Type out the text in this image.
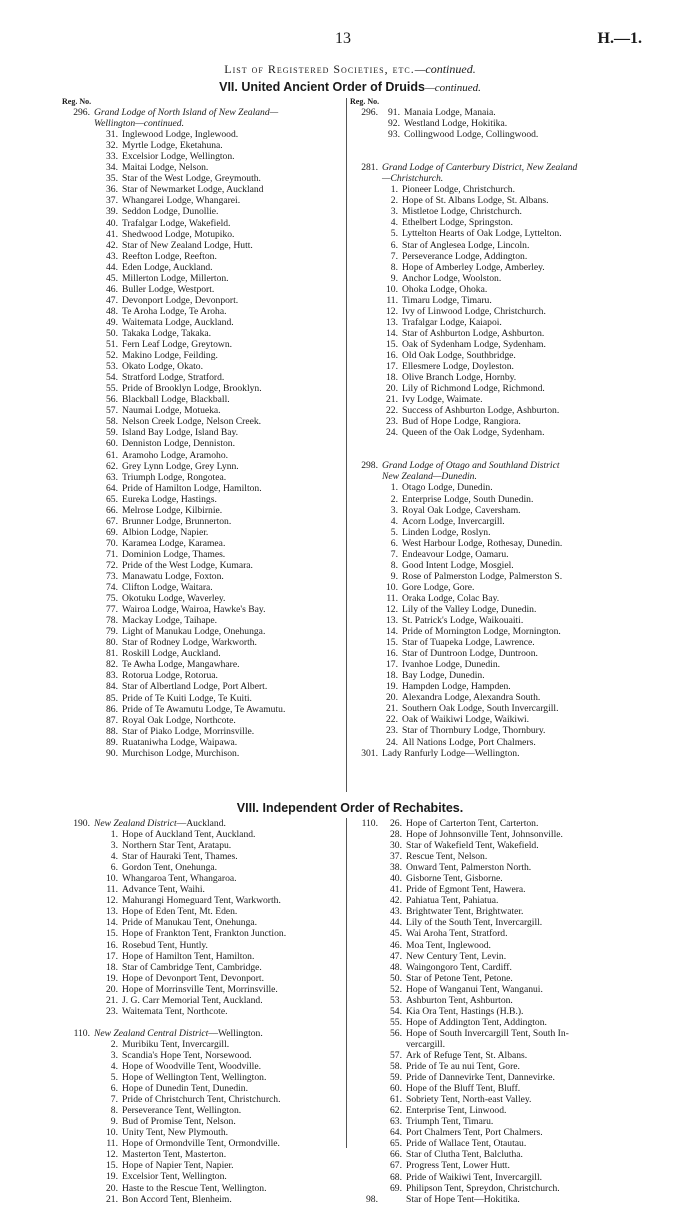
13	H.—1.
List of Registered Societies, etc.—continued.
VII. United Ancient Order of Druids—continued.
Reg. No.
296. Grand Lodge of North Island of New Zealand—
Wellington—continued.
31. Inglewood Lodge, Inglewood.
32. Myrtle Lodge, Eketahuna.
33. Excelsior Lodge, Wellington.
34. Maitai Lodge, Nelson.
35. Star of the West Lodge, Greymouth.
36. Star of Newmarket Lodge, Auckland
37. Whangarei Lodge, Whangarei.
39. Seddon Lodge, Dunollie.
40. Trafalgar Lodge, Wakefield.
41. Shedwood Lodge, Motupiko.
42. Star of New Zealand Lodge, Hutt.
43. Reefton Lodge, Reefton.
44. Eden Lodge, Auckland.
45. Millerton Lodge, Millerton.
46. Buller Lodge, Westport.
47. Devonport Lodge, Devonport.
48. Te Aroha Lodge, Te Aroha.
49. Waitemata Lodge, Auckland.
50. Takaka Lodge, Takaka.
51. Fern Leaf Lodge, Greytown.
52. Makino Lodge, Feilding.
53. Okato Lodge, Okato.
54. Stratford Lodge, Stratford.
55. Pride of Brooklyn Lodge, Brooklyn.
56. Blackball Lodge, Blackball.
57. Naumai Lodge, Motueka.
58. Nelson Creek Lodge, Nelson Creek.
59. Island Bay Lodge, Island Bay.
60. Denniston Lodge, Denniston.
61. Aramoho Lodge, Aramoho.
62. Grey Lynn Lodge, Grey Lynn.
63. Triumph Lodge, Rongotea.
64. Pride of Hamilton Lodge, Hamilton.
65. Eureka Lodge, Hastings.
66. Melrose Lodge, Kilbirnie.
67. Brunner Lodge, Brunnerton.
69. Albion Lodge, Napier.
70. Karamea Lodge, Karamea.
71. Dominion Lodge, Thames.
72. Pride of the West Lodge, Kumara.
73. Manawatu Lodge, Foxton.
74. Clifton Lodge, Waitara.
75. Okotuku Lodge, Waverley.
77. Wairoa Lodge, Wairoa, Hawke's Bay.
78. Mackay Lodge, Taihape.
79. Light of Manukau Lodge, Onehunga.
80. Star of Rodney Lodge, Warkworth.
81. Roskill Lodge, Auckland.
82. Te Awha Lodge, Mangawhare.
83. Rotorua Lodge, Rotorua.
84. Star of Albertland Lodge, Port Albert.
85. Pride of Te Kuiti Lodge, Te Kuiti.
86. Pride of Te Awamutu Lodge, Te Awamutu.
87. Royal Oak Lodge, Northcote.
88. Star of Piako Lodge, Morrinsville.
89. Ruataniwha Lodge, Waipawa.
90. Murchison Lodge, Murchison.
Reg. No.
296.	91. Manaia Lodge, Manaia.
92. Westland Lodge, Hokitika.
93. Collingwood Lodge, Collingwood.
281. Grand Lodge of Canterbury District, New Zealand
—Christchurch.
1. Pioneer Lodge, Christchurch.
2. Hope of St. Albans Lodge, St. Albans.
3. Mistletoe Lodge, Christchurch.
4. Ethelbert Lodge, Springston.
5. Lyttelton Hearts of Oak Lodge, Lyttelton.
6. Star of Anglesea Lodge, Lincoln.
7. Perseverance Lodge, Addington.
8. Hope of Amberley Lodge, Amberley.
9. Anchor Lodge, Woolston.
10. Ohoka Lodge, Ohoka.
11. Timaru Lodge, Timaru.
12. Ivy of Linwood Lodge, Christchurch.
13. Trafalgar Lodge, Kaiapoi.
14. Star of Ashburton Lodge, Ashburton.
15. Oak of Sydenham Lodge, Sydenham.
16. Old Oak Lodge, Southbridge.
17. Ellesmere Lodge, Doyleston.
18. Olive Branch Lodge, Hornby.
20. Lily of Richmond Lodge, Richmond.
21. Ivy Lodge, Waimate.
22. Success of Ashburton Lodge, Ashburton.
23. Bud of Hope Lodge, Rangiora.
24. Queen of the Oak Lodge, Sydenham.
298. Grand Lodge of Otago and Southland District
New Zealand—Dunedin.
1. Otago Lodge, Dunedin.
2. Enterprise Lodge, South Dunedin.
3. Royal Oak Lodge, Caversham.
4. Acorn Lodge, Invercargill.
5. Linden Lodge, Roslyn.
6. West Harbour Lodge, Rothesay, Dunedin.
7. Endeavour Lodge, Oamaru.
8. Good Intent Lodge, Mosgiel.
9. Rose of Palmerston Lodge, Palmerston S.
10. Gore Lodge, Gore.
11. Oraka Lodge, Colac Bay.
12. Lily of the Valley Lodge, Dunedin.
13. St. Patrick's Lodge, Waikouaiti.
14. Pride of Mornington Lodge, Mornington.
15. Star of Tuapeka Lodge, Lawrence.
16. Star of Duntroon Lodge, Duntroon.
17. Ivanhoe Lodge, Dunedin.
18. Bay Lodge, Dunedin.
19. Hampden Lodge, Hampden.
20. Alexandra Lodge, Alexandra South.
21. Southern Oak Lodge, South Invercargill.
22. Oak of Waikiwi Lodge, Waikiwi.
23. Star of Thornbury Lodge, Thornbury.
24. All Nations Lodge, Port Chalmers.
301. Lady Ranfurly Lodge—Wellington.
VIII. Independent Order of Rechabites.
190. New Zealand District—Auckland.
1. Hope of Auckland Tent, Auckland.
3. Northern Star Tent, Aratapu.
4. Star of Hauraki Tent, Thames.
6. Gordon Tent, Onehunga.
10. Whangaroa Tent, Whangaroa.
11. Advance Tent, Waihi.
12. Mahurangi Homeguard Tent, Warkworth.
13. Hope of Eden Tent, Mt. Eden.
14. Pride of Manukau Tent, Onehunga.
15. Hope of Frankton Tent, Frankton Junction.
16. Rosebud Tent, Huntly.
17. Hope of Hamilton Tent, Hamilton.
18. Star of Cambridge Tent, Cambridge.
19. Hope of Devonport Tent, Devonport.
20. Hope of Morrinsville Tent, Morrinsville.
21. J. G. Carr Memorial Tent, Auckland.
23. Waitemata Tent, Northcote.
110. New Zealand Central District—Wellington.
2. Muribiku Tent, Invercargill.
3. Scandia's Hope Tent, Norsewood.
4. Hope of Woodville Tent, Woodville.
5. Hope of Wellington Tent, Wellington.
6. Hope of Dunedin Tent, Dunedin.
7. Pride of Christchurch Tent, Christchurch.
8. Perseverance Tent, Wellington.
9. Bud of Promise Tent, Nelson.
10. Unity Tent, New Plymouth.
11. Hope of Ormondville Tent, Ormondville.
12. Masterton Tent, Masterton.
15. Hope of Napier Tent, Napier.
19. Excelsior Tent, Wellington.
20. Haste to the Rescue Tent, Wellington.
21. Bon Accord Tent, Blenheim.
110.	26. Hope of Carterton Tent, Carterton.
28. Hope of Johnsonville Tent, Johnsonville.
30. Star of Wakefield Tent, Wakefield.
37. Rescue Tent, Nelson.
38. Onward Tent, Palmerston North.
40. Gisborne Tent, Gisborne.
41. Pride of Egmont Tent, Hawera.
42. Pahiatua Tent, Pahiatua.
43. Brightwater Tent, Brightwater.
44. Lily of the South Tent, Invercargill.
45. Wai Aroha Tent, Stratford.
46. Moa Tent, Inglewood.
47. New Century Tent, Levin.
48. Waingongoro Tent, Cardiff.
50. Star of Petone Tent, Petone.
52. Hope of Wanganui Tent, Wanganui.
53. Ashburton Tent, Ashburton.
54. Kia Ora Tent, Hastings (H.B.).
55. Hope of Addington Tent, Addington.
56. Hope of South Invercargill Tent, South In-
vercargill.
57. Ark of Refuge Tent, St. Albans.
58. Pride of Te au nui Tent, Gore.
59. Pride of Dannevirke Tent, Dannevirke.
60. Hope of the Bluff Tent, Bluff.
61. Sobriety Tent, North-east Valley.
62. Enterprise Tent, Linwood.
63. Triumph Tent, Timaru.
64. Port Chalmers Tent, Port Chalmers.
65. Pride of Wallace Tent, Otautau.
66. Star of Clutha Tent, Balclutha.
67. Progress Tent, Lower Hutt.
68. Pride of Waikiwi Tent, Invercargill.
69. Philipson Tent, Spreydon, Christchurch.
98.	Star of Hope Tent—Hokitika.
